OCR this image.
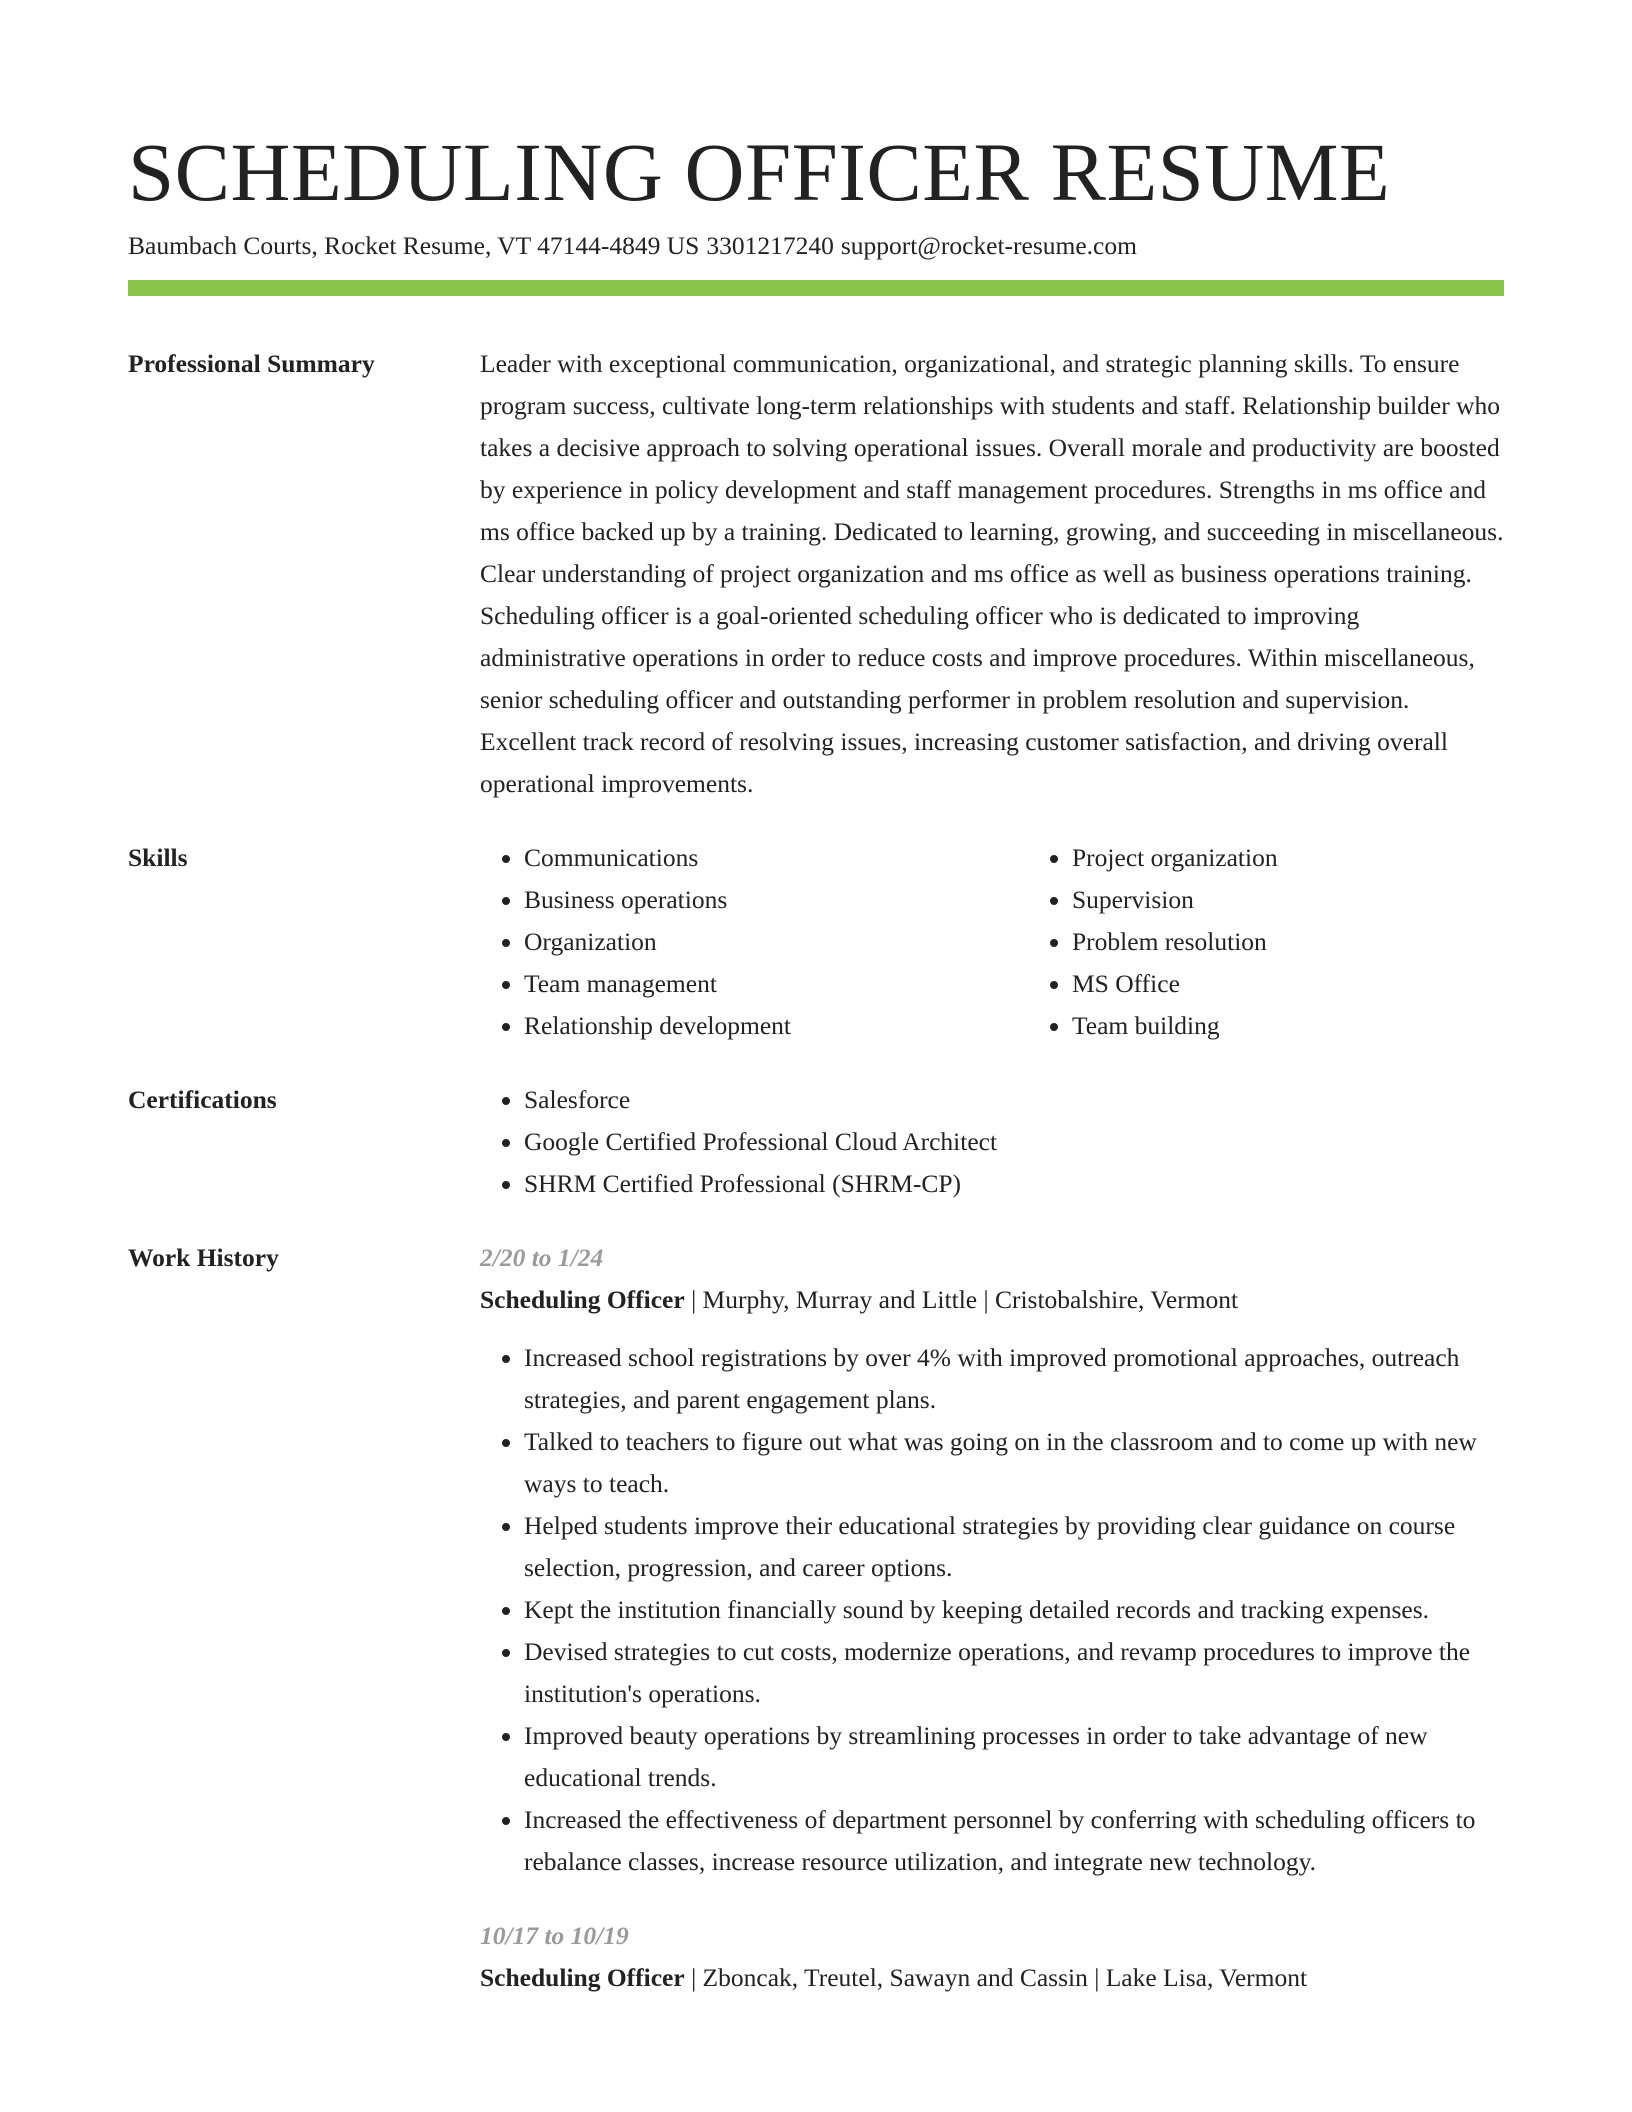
SCHEDULING OFFICER RESUME
Baumbach Courts, Rocket Resume, VT 47144-4849 US 3301217240 support@rocket-resume.com
Professional Summary	Leader with exceptional communication, organizational, and strategic planning skills. To ensure program success, cultivate long-term relationships with students and staff. Relationship builder who takes a decisive approach to solving operational issues. Overall morale and productivity are boosted by experience in policy development and staff management procedures. Strengths in ms office and ms office backed up by a training. Dedicated to learning, growing, and succeeding in miscellaneous. Clear understanding of project organization and ms office as well as business operations training. Scheduling officer is a goal-oriented scheduling officer who is dedicated to improving administrative operations in order to reduce costs and improve procedures. Within miscellaneous, senior scheduling officer and outstanding performer in problem resolution and supervision. Excellent track record of resolving issues, increasing customer satisfaction, and driving overall operational improvements.

Skills	• Communications
• Business operations
• Organization
• Team management
• Relationship development
• Project organization
• Supervision
• Problem resolution
• MS Office
• Team building
Certifications	• Salesforce
• Google Certified Professional Cloud Architect
• SHRM Certified Professional (SHRM-CP)
Work History	2/20 to 1/24
Scheduling Officer | Murphy, Murray and Little | Cristobalshire, Vermont
• Increased school registrations by over 4% with improved promotional approaches, outreach strategies, and parent engagement plans.
• Talked to teachers to figure out what was going on in the classroom and to come up with new ways to teach.
• Helped students improve their educational strategies by providing clear guidance on course selection, progression, and career options.
• Kept the institution financially sound by keeping detailed records and tracking expenses.
• Devised strategies to cut costs, modernize operations, and revamp procedures to improve the institution's operations.
• Improved beauty operations by streamlining processes in order to take advantage of new educational trends.
• Increased the effectiveness of department personnel by conferring with scheduling officers to rebalance classes, increase resource utilization, and integrate new technology.
10/17 to 10/19
Scheduling Officer | Zboncak, Treutel, Sawayn and Cassin | Lake Lisa, Vermont
